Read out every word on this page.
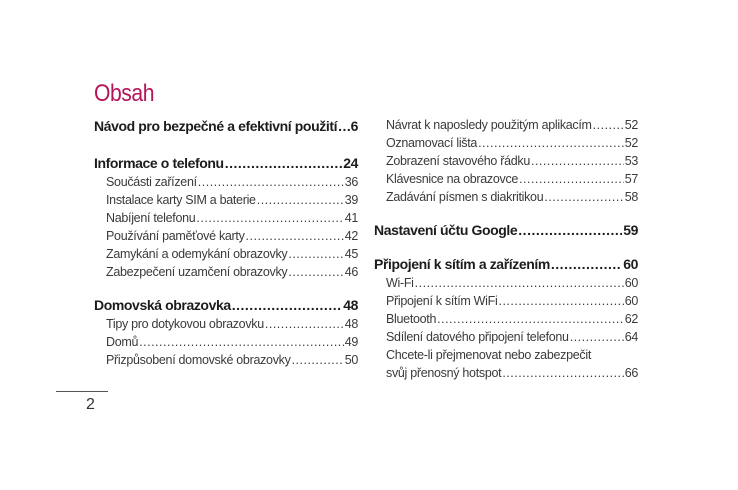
Obsah
Návod pro bezpečné a efektivní použití ..... 6
Informace o telefonu .....	24
Součásti zařízení .....	36
Instalace karty SIM a baterie .....	39
Nabíjení telefonu .....	41
Používání paměťové karty .....	42
Zamykání a odemykání obrazovky .....	45
Zabezpečení uzamčení obrazovky .....	46
Domovská obrazovka .....	48
Tipy pro dotykovou obrazovku .....	48
Domů .....	49
Přizpůsobení domovské obrazovky .....	50
Návrat k naposledy použitým aplikacím .....	52
Oznamovací lišta .....	52
Zobrazení stavového řádku .....	53
Klávesnice na obrazovce .....	57
Zadávání písmen s diakritikou .....	58
Nastavení účtu Google .....	59
Připojení k sítím a zařízením .....	60
Wi-Fi .....	60
Připojení k sítím WiFi .....	60
Bluetooth .....	62
Sdílení datového připojení telefonu .....	64
Chcete-li přejmenovat nebo zabezpečit
svůj přenosný hotspot .....	66
2
